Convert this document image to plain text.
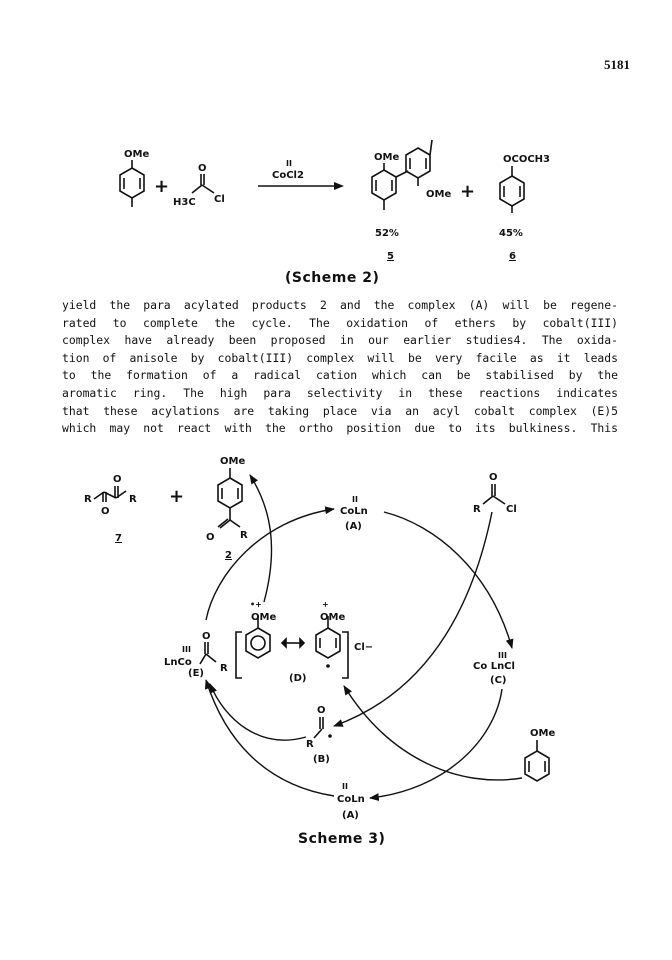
5181
OMe
+
O
H3C Cl
II
CoCl2
OMe
OMe +
OCOCH3
52%	45%
5	6
(Scheme 2)
yield the para acylated products 2 and the complex (A) will be regene-
rated to complete the cycle. The oxidation of ethers by cobalt(III)
complex have already been proposed in our earlier studies4. The oxida-
tion of anisole by cobalt(III) complex will be very facile as it leads
to the formation of a radical cation which can be stabilised by the
aromatic ring. The high para selectivity in these reactions indicates
that these acylations are taking place via an acyl cobalt complex (E)5
which may not react with the ortho position due to its bulkiness. This
R	R
O
O
7
+
OMe
O	R
2
II
CoLn
(A)
O
R	Cl
III
Co LnCl
(C)
O
III
LnCo
R
(E)
•+
OMe
+
OMe
Cl−
(D)
O
R
(B)
OMe
II
CoLn
(A)
Scheme 3)
